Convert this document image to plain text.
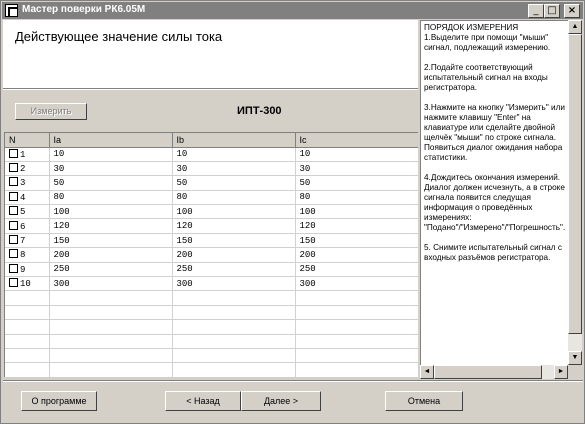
Мастер поверки РК6.05М	_ □	×
Действующее значение силы тока
Измерить	ИПТ-300
N	Ia	Ib	Ic
1	10	10	10
2	30	30	30
3	50	50	50
4	80	80	80
5	100	100	100
6	120	120	120
7	150	150	150
8	200	200	200
9	250	250	250
10	300	300	300

ПОРЯДОК ИЗМЕРЕНИЯ

1.Выделите при помощи "мыши" сигнал, подлежащий измерению.

2.Подайте соответствующий испытательный сигнал на входы регистратора.

3.Нажмите на кнопку "Измерить" или нажмите клавишу "Enter" на клавиатуре или сделайте двойной щелчёк "мыши" по строке сигнала. Появиться диалог ожидания набора статистики.

4.Дождитесь окончания измерений. Диалог должен исчезнуть, а в строке сигнала появится следущая информация о проведённых измерениях: "Подано"/"Измерено"/"Погрешность".

5. Снимите испытательный сигнал с входных разъёмов регистратора.

▲
▼
◄	►
О программе	< Назад	Далее >	Отмена
